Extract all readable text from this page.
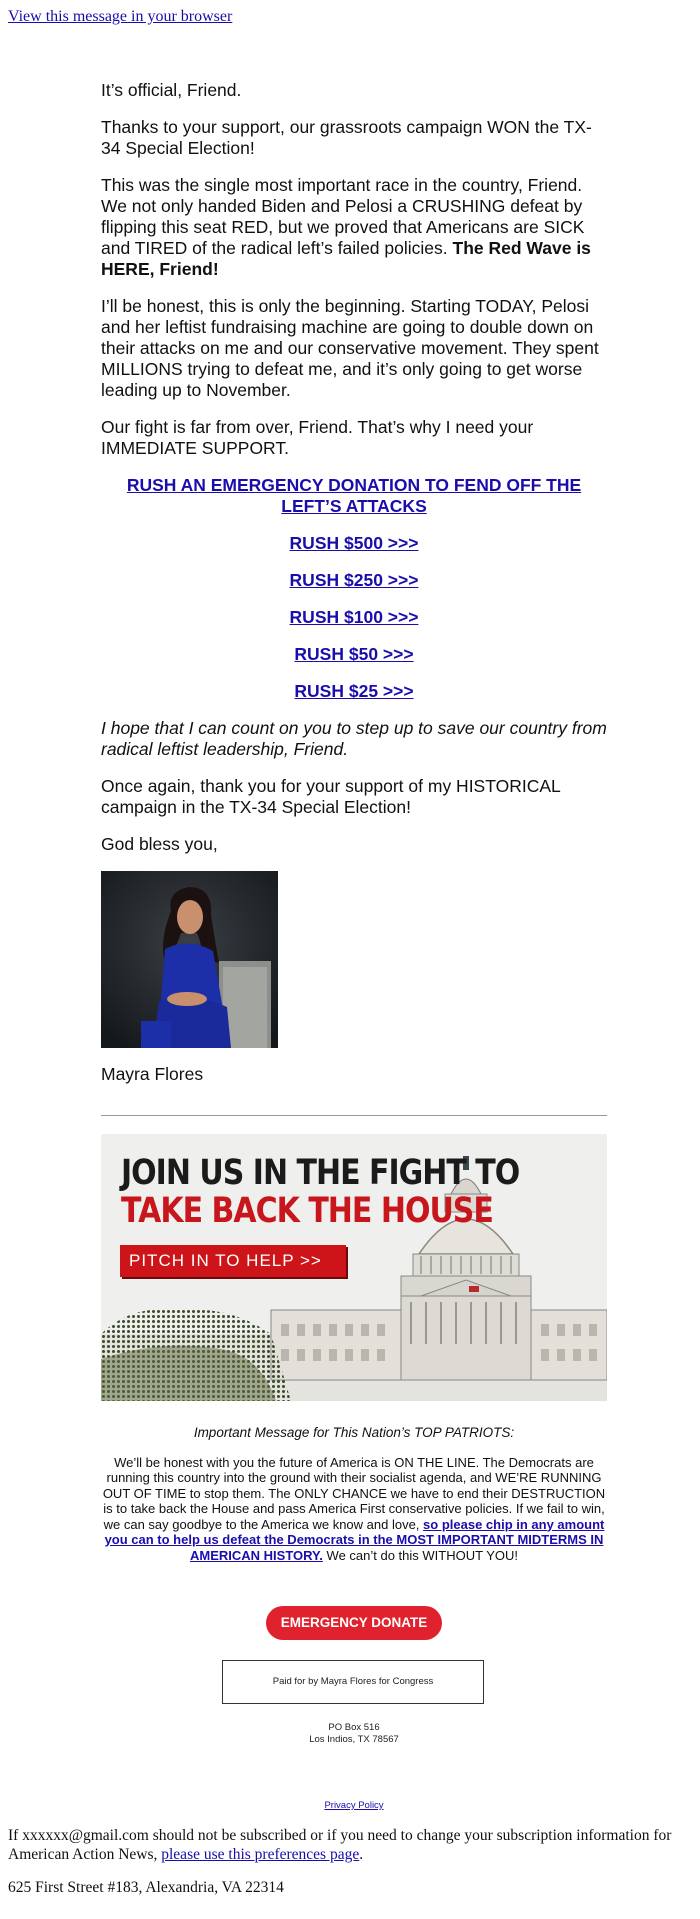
View this message in your browser

It’s official, Friend.

Thanks to your support, our grassroots campaign WON the TX-34 Special Election!

This was the single most important race in the country, Friend. We not only handed Biden and Pelosi a CRUSHING defeat by flipping this seat RED, but we proved that Americans are SICK and TIRED of the radical left’s failed policies. The Red Wave is HERE, Friend!

I’ll be honest, this is only the beginning. Starting TODAY, Pelosi and her leftist fundraising machine are going to double down on their attacks on me and our conservative movement. They spent MILLIONS trying to defeat me, and it’s only going to get worse leading up to November.

Our fight is far from over, Friend. That’s why I need your IMMEDIATE SUPPORT.

RUSH AN EMERGENCY DONATION TO FEND OFF THE LEFT’S ATTACKS
RUSH $500 >>>
RUSH $250 >>>
RUSH $100 >>>
RUSH $50 >>>
RUSH $25 >>>

I hope that I can count on you to step up to save our country from radical leftist leadership, Friend.

Once again, thank you for your support of my HISTORICAL campaign in the TX-34 Special Election!

God bless you,

Mayra Flores
JOIN US IN THE FIGHT TO
TAKE BACK THE HOUSE
PITCH IN TO HELP >>
Important Message for This Nation’s TOP PATRIOTS:
We’ll be honest with you the future of America is ON THE LINE. The Democrats are running this country into the ground with their socialist agenda, and WE’RE RUNNING OUT OF TIME to stop them. The ONLY CHANCE we have to end their DESTRUCTION is to take back the House and pass America First conservative policies. If we fail to win, we can say goodbye to the America we know and love, so please chip in any amount you can to help us defeat the Democrats in the MOST IMPORTANT MIDTERMS IN AMERICAN HISTORY. We can’t do this WITHOUT YOU!
EMERGENCY DONATE
Paid for by Mayra Flores for Congress
PO Box 516
Los Indios, TX 78567
Privacy Policy
If xxxxxx@gmail.com should not be subscribed or if you need to change your subscription information for American Action News, please use this preferences page.
625 First Street #183, Alexandria, VA 22314
